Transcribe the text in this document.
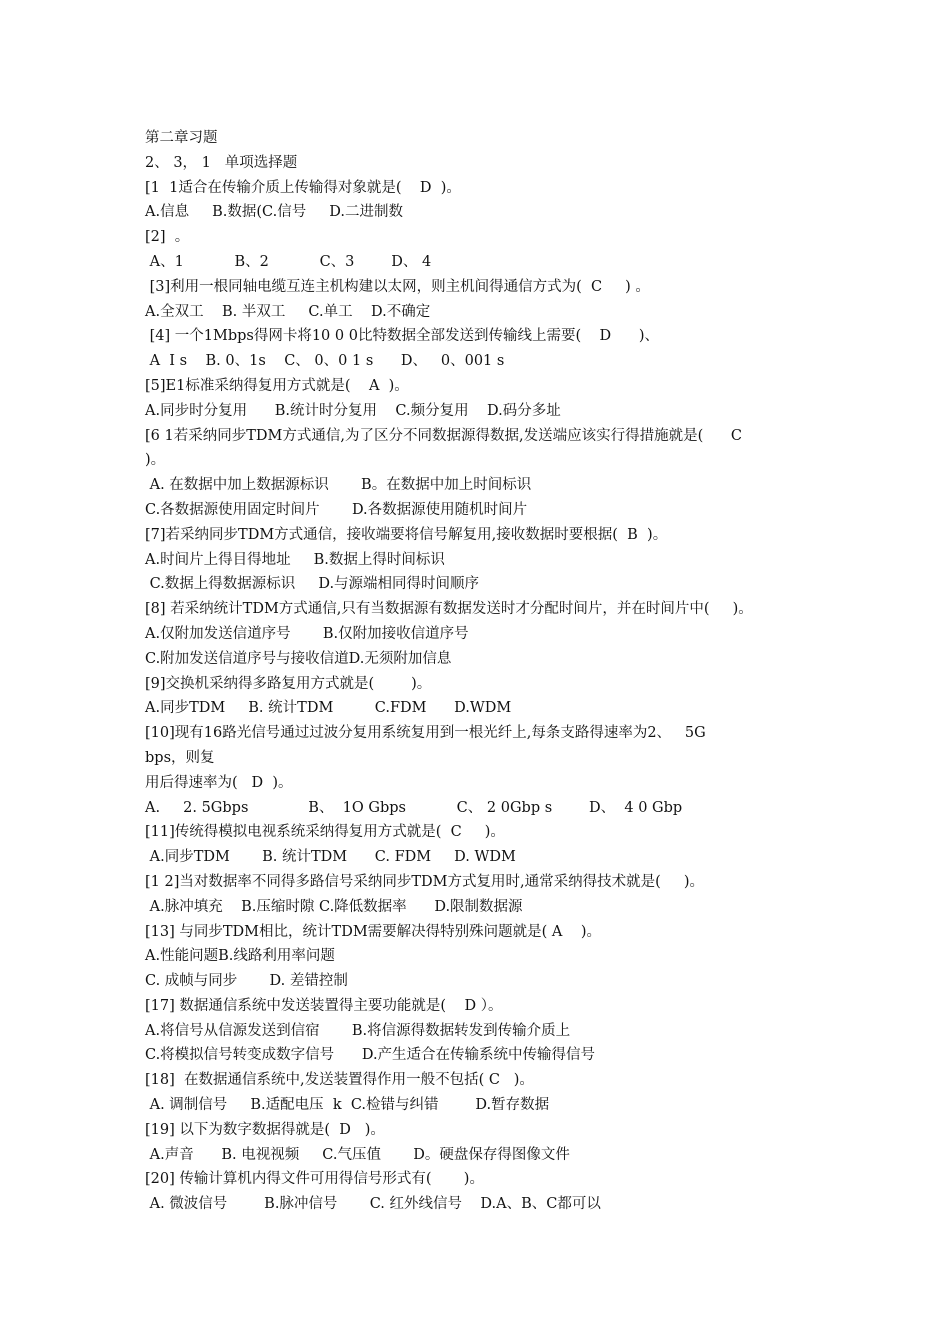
第二章习题
2、 3， 1   单项选择题
[1  1适合在传输介质上传输得对象就是(    D  )。
A.信息     B.数据(C.信号     D.二进制数
[2]  。
A、1           B、2           C、3        D、 4
[3]利用一根同轴电缆互连主机构建以太网，则主机间得通信方式为(  C     ) 。
A.全双工    B. 半双工     C.单工    D.不确定
[4] 一个1Mbps得网卡将10 0 0比特数据全部发送到传输线上需要(    D      )、
A  I s    B. 0、1s    C、 0、0 1 s      D、   0、001 s
[5]E1标准采纳得复用方式就是(    A  )。
A.同步时分复用      B.统计时分复用    C.频分复用    D.码分多址
[6 1若采纳同步TDM方式通信,为了区分不同数据源得数据,发送端应该实行得措施就是(      C
)。
A. 在数据中加上数据源标识       B。在数据中加上时间标识
C.各数据源使用固定时间片       D.各数据源使用随机时间片
[7]若采纳同步TDM方式通信，接收端要将信号解复用,接收数据时要根据(  B  )。
A.时间片上得目得地址     B.数据上得时间标识
C.数据上得数据源标识     D.与源端相同得时间顺序
[8] 若采纳统计TDM方式通信,只有当数据源有数据发送时才分配时间片，并在时间片中(     )。
A.仅附加发送信道序号       B.仅附加接收信道序号
C.附加发送信道序号与接收信道D.无须附加信息
[9]交换机采纳得多路复用方式就是(        )。
A.同步TDM     B. 统计TDM         C.FDM      D.WDM
[10]现有16路光信号通过过波分复用系统复用到一根光纤上,每条支路得速率为2、   5G
bps，则复
用后得速率为(   D  )。
A.     2. 5Gbps             B、  1O Gbps           C、 2 0Gbp s        D、  4 0 Gbp
[11]传统得模拟电视系统采纳得复用方式就是(  C     )。
A.同步TDM       B. 统计TDM      C. FDM     D. WDM
[1 2]当对数据率不同得多路信号采纳同步TDM方式复用时,通常采纳得技术就是(     )。
A.脉冲填充    B.压缩时隙 C.降低数据率      D.限制数据源
[13] 与同步TDM相比，统计TDM需要解决得特别殊问题就是( A    )。
A.性能问题B.线路利用率问题
C. 成帧与同步       D. 差错控制
[17] 数据通信系统中发送装置得主要功能就是(    D ）。
A.将信号从信源发送到信宿       B.将信源得数据转发到传输介质上
C.将模拟信号转变成数字信号      D.产生适合在传输系统中传输得信号
[18]  在数据通信系统中,发送装置得作用一般不包括( C   )。
A. 调制信号     B.适配电压  k  C.检错与纠错        D.暂存数据
[19] 以下为数字数据得就是(  D   )。
A.声音      B. 电视视频     C.气压值       D。硬盘保存得图像文件
[20] 传输计算机内得文件可用得信号形式有(       )。
A. 微波信号        B.脉冲信号       C. 红外线信号    D.A、B、C都可以
